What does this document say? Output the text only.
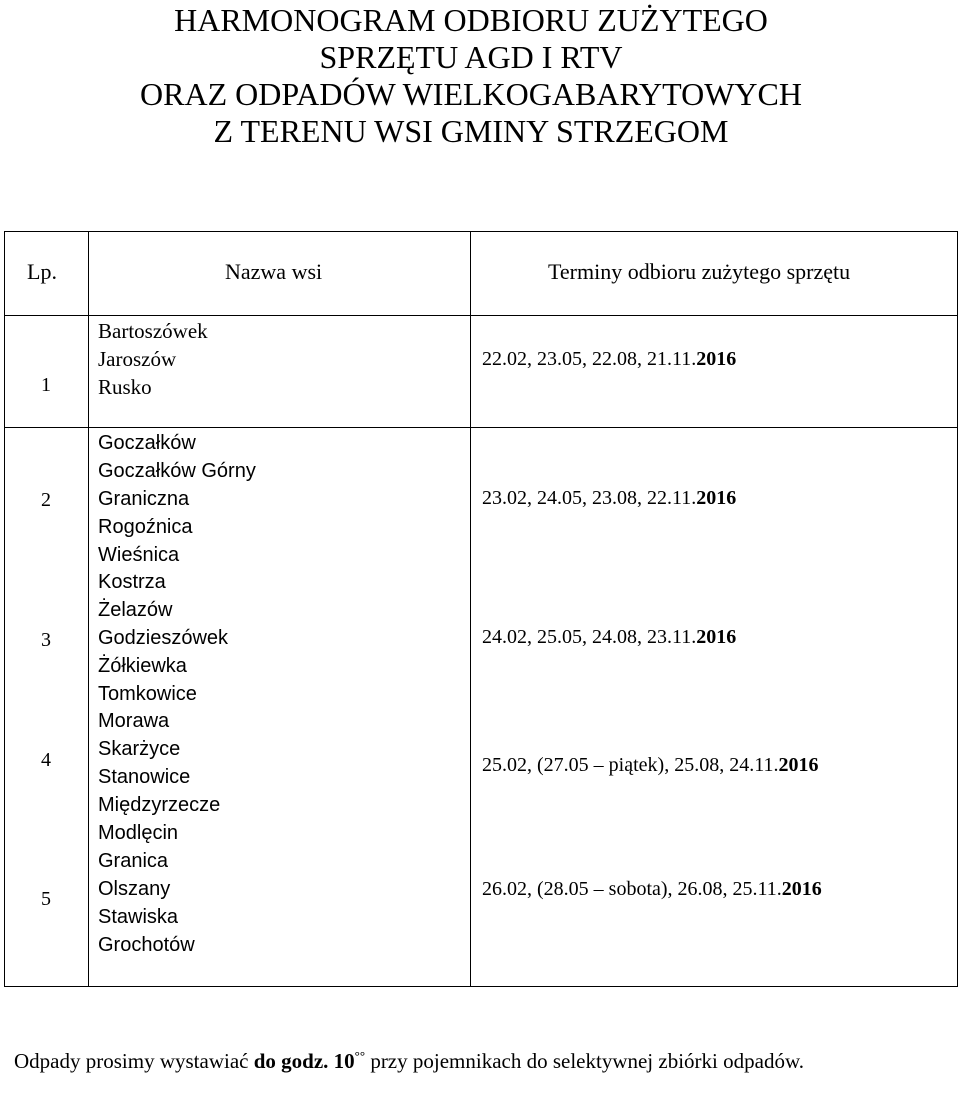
HARMONOGRAM ODBIORU ZUŻYTEGO
SPRZĘTU AGD I RTV
ORAZ ODPADÓW WIELKOGABARYTOWYCH
Z TERENU WSI GMINY STRZEGOM
Lp.	Nazwa wsi	Terminy odbioru zużytego sprzętu
1
Bartoszówek
Jaroszów
Rusko
22.02, 23.05, 22.08, 21.11.2016
2
Goczałków
Goczałków Górny
Graniczna
Rogoźnica
Wieśnica
23.02, 24.05, 23.08, 22.11.2016
3
Kostrza
Żelazów
Godzieszówek
Żółkiewka
Tomkowice
24.02, 25.05, 24.08, 23.11.2016
4
Morawa
Skarżyce
Stanowice
Międzyrzecze
25.02, (27.05 – piątek), 25.08, 24.11.2016
5
Modlęcin
Granica
Olszany
Stawiska
Grochotów
26.02, (28.05 – sobota), 26.08, 25.11.2016

Odpady prosimy wystawiać do godz. 10°° przy pojemnikach do selektywnej zbiórki odpadów.
